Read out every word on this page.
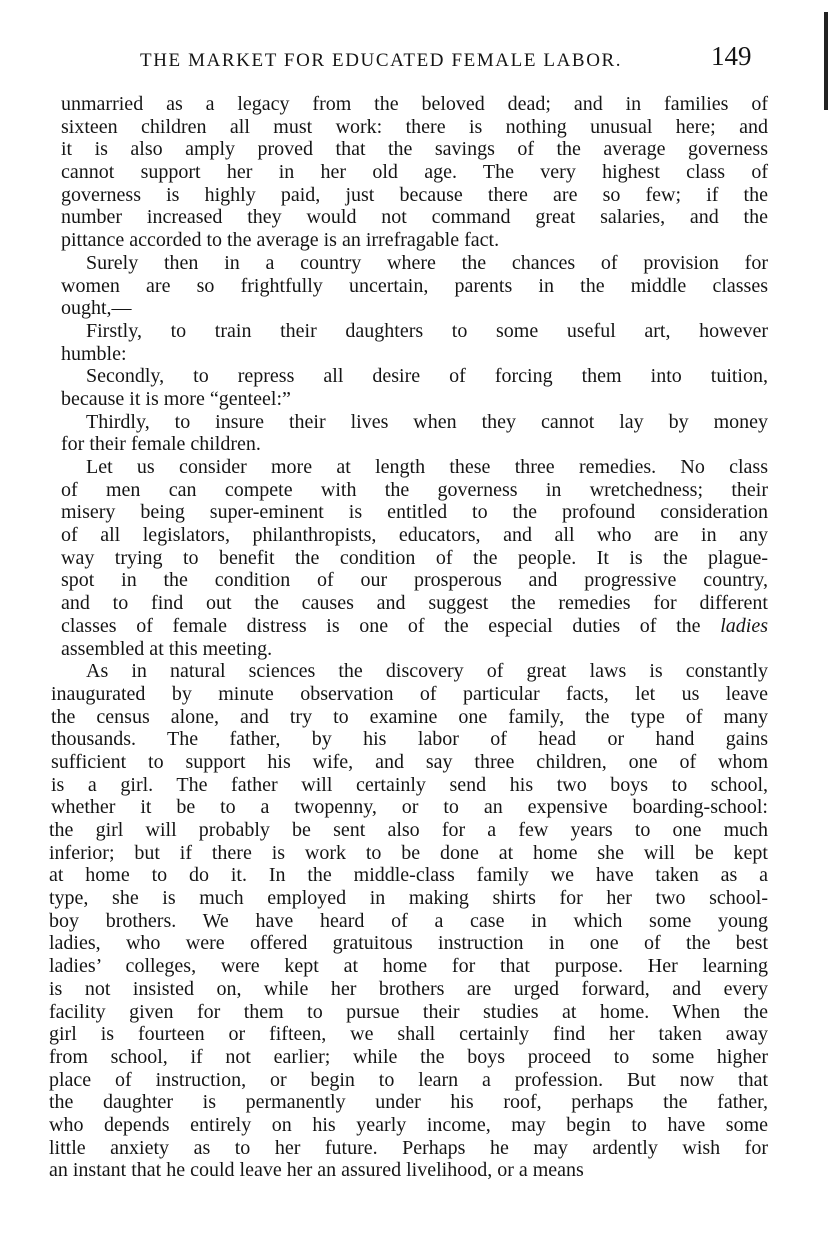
THE MARKET FOR EDUCATED FEMALE LABOR.	149
unmarried as a legacy from the beloved dead; and in families of
sixteen children all must work: there is nothing unusual here; and
it is also amply proved that the savings of the average governess
cannot support her in her old age. The very highest class of
governess is highly paid, just because there are so few; if the
number increased they would not command great salaries, and the
pittance accorded to the average is an irrefragable fact.
Surely then in a country where the chances of provision for
women are so frightfully uncertain, parents in the middle classes
ought,—
Firstly, to train their daughters to some useful art, however
humble:
Secondly, to repress all desire of forcing them into tuition,
because it is more “genteel:”
Thirdly, to insure their lives when they cannot lay by money
for their female children.
Let us consider more at length these three remedies. No class
of men can compete with the governess in wretchedness; their
misery being super-eminent is entitled to the profound consideration
of all legislators, philanthropists, educators, and all who are in any
way trying to benefit the condition of the people. It is the plague-
spot in the condition of our prosperous and progressive country,
and to find out the causes and suggest the remedies for different
classes of female distress is one of the especial duties of the ladies
assembled at this meeting.
As in natural sciences the discovery of great laws is constantly
inaugurated by minute observation of particular facts, let us leave
the census alone, and try to examine one family, the type of many
thousands. The father, by his labor of head or hand gains
sufficient to support his wife, and say three children, one of whom
is a girl. The father will certainly send his two boys to school,
whether it be to a twopenny, or to an expensive boarding-school:
the girl will probably be sent also for a few years to one much
inferior; but if there is work to be done at home she will be kept
at home to do it. In the middle-class family we have taken as a
type, she is much employed in making shirts for her two school-
boy brothers. We have heard of a case in which some young
ladies, who were offered gratuitous instruction in one of the best
ladies’ colleges, were kept at home for that purpose. Her learning
is not insisted on, while her brothers are urged forward, and every
facility given for them to pursue their studies at home. When the
girl is fourteen or fifteen, we shall certainly find her taken away
from school, if not earlier; while the boys proceed to some higher
place of instruction, or begin to learn a profession. But now that
the daughter is permanently under his roof, perhaps the father,
who depends entirely on his yearly income, may begin to have some
little anxiety as to her future. Perhaps he may ardently wish for
an instant that he could leave her an assured livelihood, or a means
